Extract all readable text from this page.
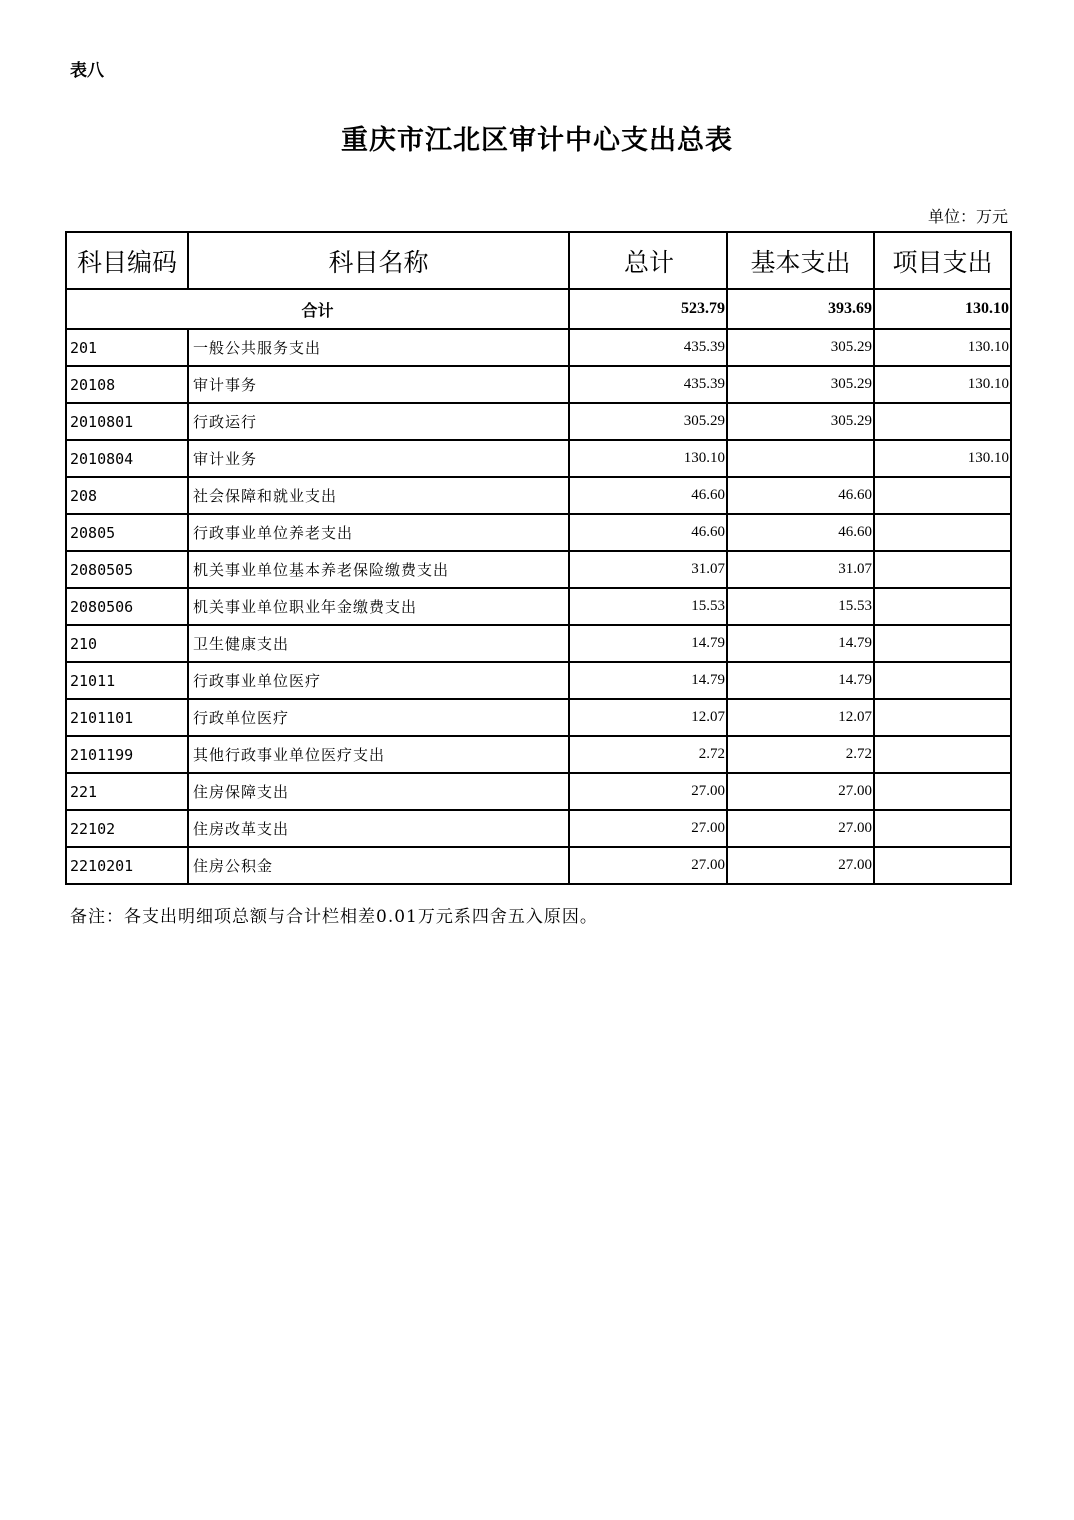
表八
重庆市江北区审计中心支出总表
单位：万元
科目编码	科目名称	总计	基本支出	项目支出
合计		523.79	393.69	130.10
201	一般公共服务支出	435.39	305.29	130.10
20108	审计事务	435.39	305.29	130.10
2010801	行政运行	305.29	305.29	
2010804	审计业务	130.10		130.10
208	社会保障和就业支出	46.60	46.60	
20805	行政事业单位养老支出	46.60	46.60	
2080505	机关事业单位基本养老保险缴费支出	31.07	31.07	
2080506	机关事业单位职业年金缴费支出	15.53	15.53	
210	卫生健康支出	14.79	14.79	
21011	行政事业单位医疗	14.79	14.79	
2101101	行政单位医疗	12.07	12.07	
2101199	其他行政事业单位医疗支出	2.72	2.72	
221	住房保障支出	27.00	27.00	
22102	住房改革支出	27.00	27.00	
2210201	住房公积金	27.00	27.00	
备注：各支出明细项总额与合计栏相差0.01万元系四舍五入原因。
